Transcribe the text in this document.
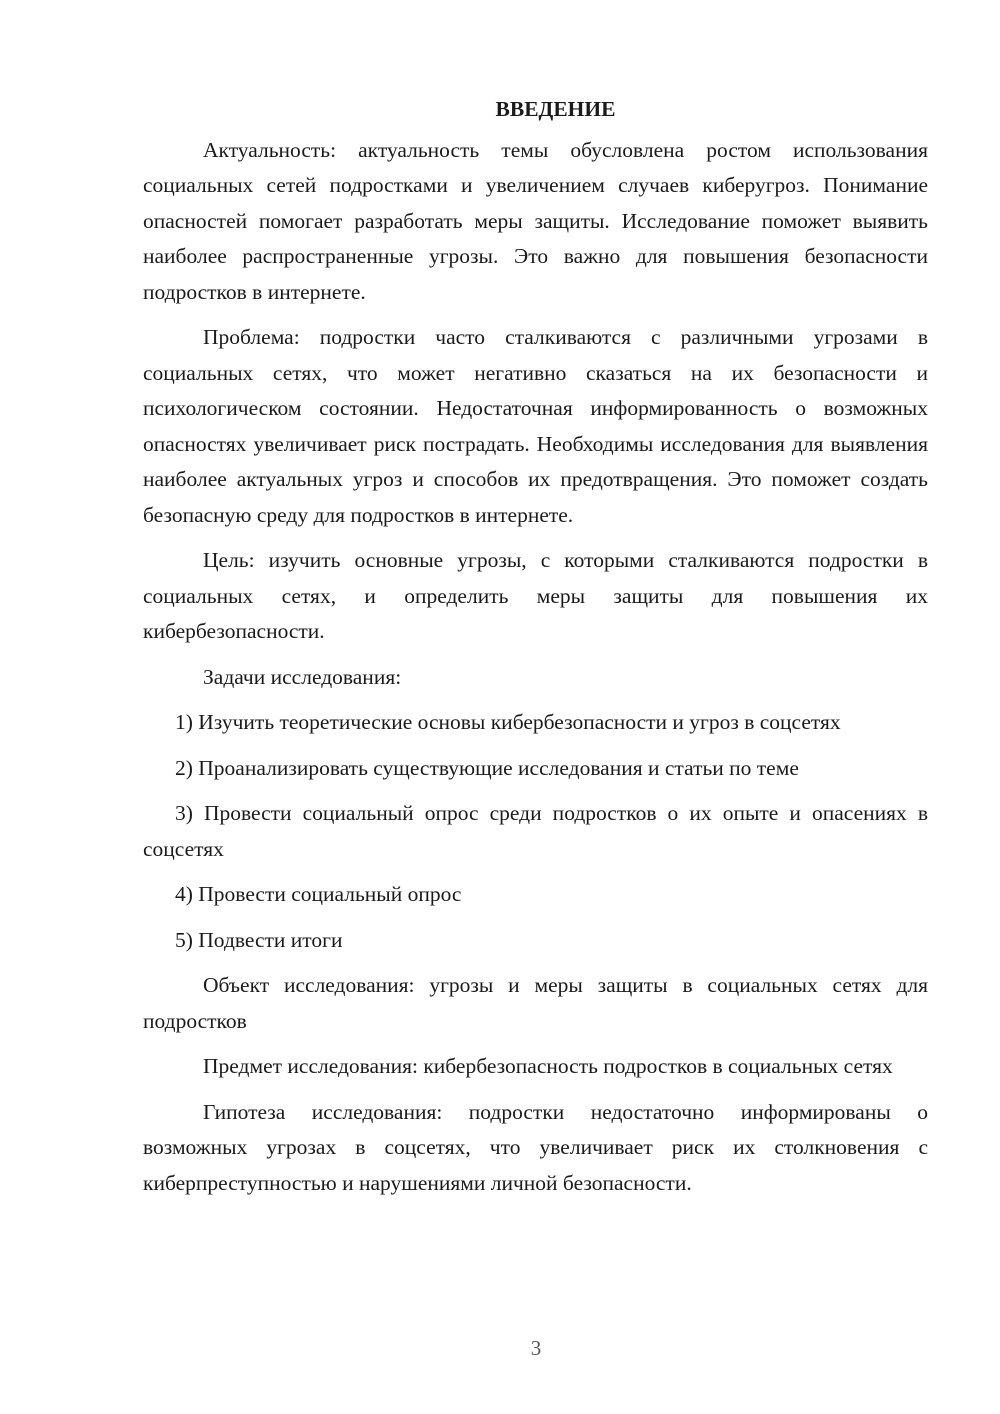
ВВЕДЕНИЕ

Актуальность: актуальность темы обусловлена ростом использования социальных сетей подростками и увеличением случаев киберугроз. Понимание опасностей помогает разработать меры защиты. Исследование поможет выявить наиболее распространенные угрозы. Это важно для повышения безопасности подростков в интернете.

Проблема: подростки часто сталкиваются с различными угрозами в социальных сетях, что может негативно сказаться на их безопасности и психологическом состоянии. Недостаточная информированность о возможных опасностях увеличивает риск пострадать. Необходимы исследования для выявления наиболее актуальных угроз и способов их предотвращения. Это поможет создать безопасную среду для подростков в интернете.

Цель: изучить основные угрозы, с которыми сталкиваются подростки в социальных сетях, и определить меры защиты для повышения их кибербезопасности.

Задачи исследования:

1) Изучить теоретические основы кибербезопасности и угроз в соцсетях

2) Проанализировать существующие исследования и статьи по теме

3) Провести социальный опрос среди подростков о их опыте и опасениях в соцсетях

4) Провести социальный опрос

5) Подвести итоги

Объект исследования: угрозы и меры защиты в социальных сетях для подростков

Предмет исследования: кибербезопасность подростков в социальных сетях

Гипотеза исследования: подростки недостаточно информированы о возможных угрозах в соцсетях, что увеличивает риск их столкновения с киберпреступностью и нарушениями личной безопасности.

3
